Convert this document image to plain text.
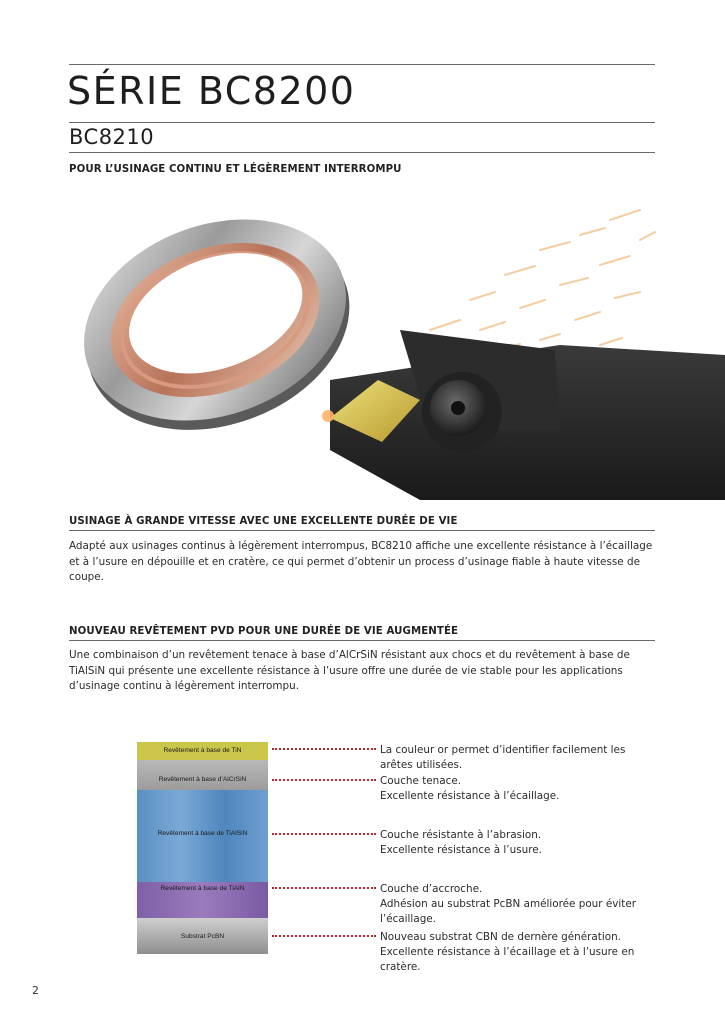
SÉRIE BC8200
BC8210
POUR L’USINAGE CONTINU ET LÉGÈREMENT INTERROMPU
USINAGE À GRANDE VITESSE AVEC UNE EXCELLENTE DURÉE DE VIE
Adapté aux usinages continus à légèrement interrompus, BC8210 affiche une excellente résistance à l’écaillage et à l’usure en dépouille et en cratère, ce qui permet d’obtenir un process d’usinage fiable à haute vitesse de coupe.
NOUVEAU REVÊTEMENT PVD POUR UNE DURÉE DE VIE AUGMENTÉE
Une combinaison d’un revêtement tenace à base d’AlCrSiN résistant aux chocs et du revêtement à base de TiAlSiN qui présente une excellente résistance à l’usure offre une durée de vie stable pour les applications d’usinage continu à légèrement interrompu.
Revêtement à base de TiN
Revêtement à base d’AlCrSiN
Revêtement à base de TiAlSiN
Revêtement à base de TiAlN
Substrat PcBN
La couleur or permet d’identifier facilement les
arêtes utilisées.
Couche tenace.
Excellente résistance à l’écaillage.
Couche résistante à l’abrasion.
Excellente résistance à l’usure.
Couche d’accroche.
Adhésion au substrat PcBN améliorée pour éviter
l’écaillage.
Nouveau substrat CBN de dernère génération.
Excellente résistance à l’écaillage et à l’usure en
cratère.
2
